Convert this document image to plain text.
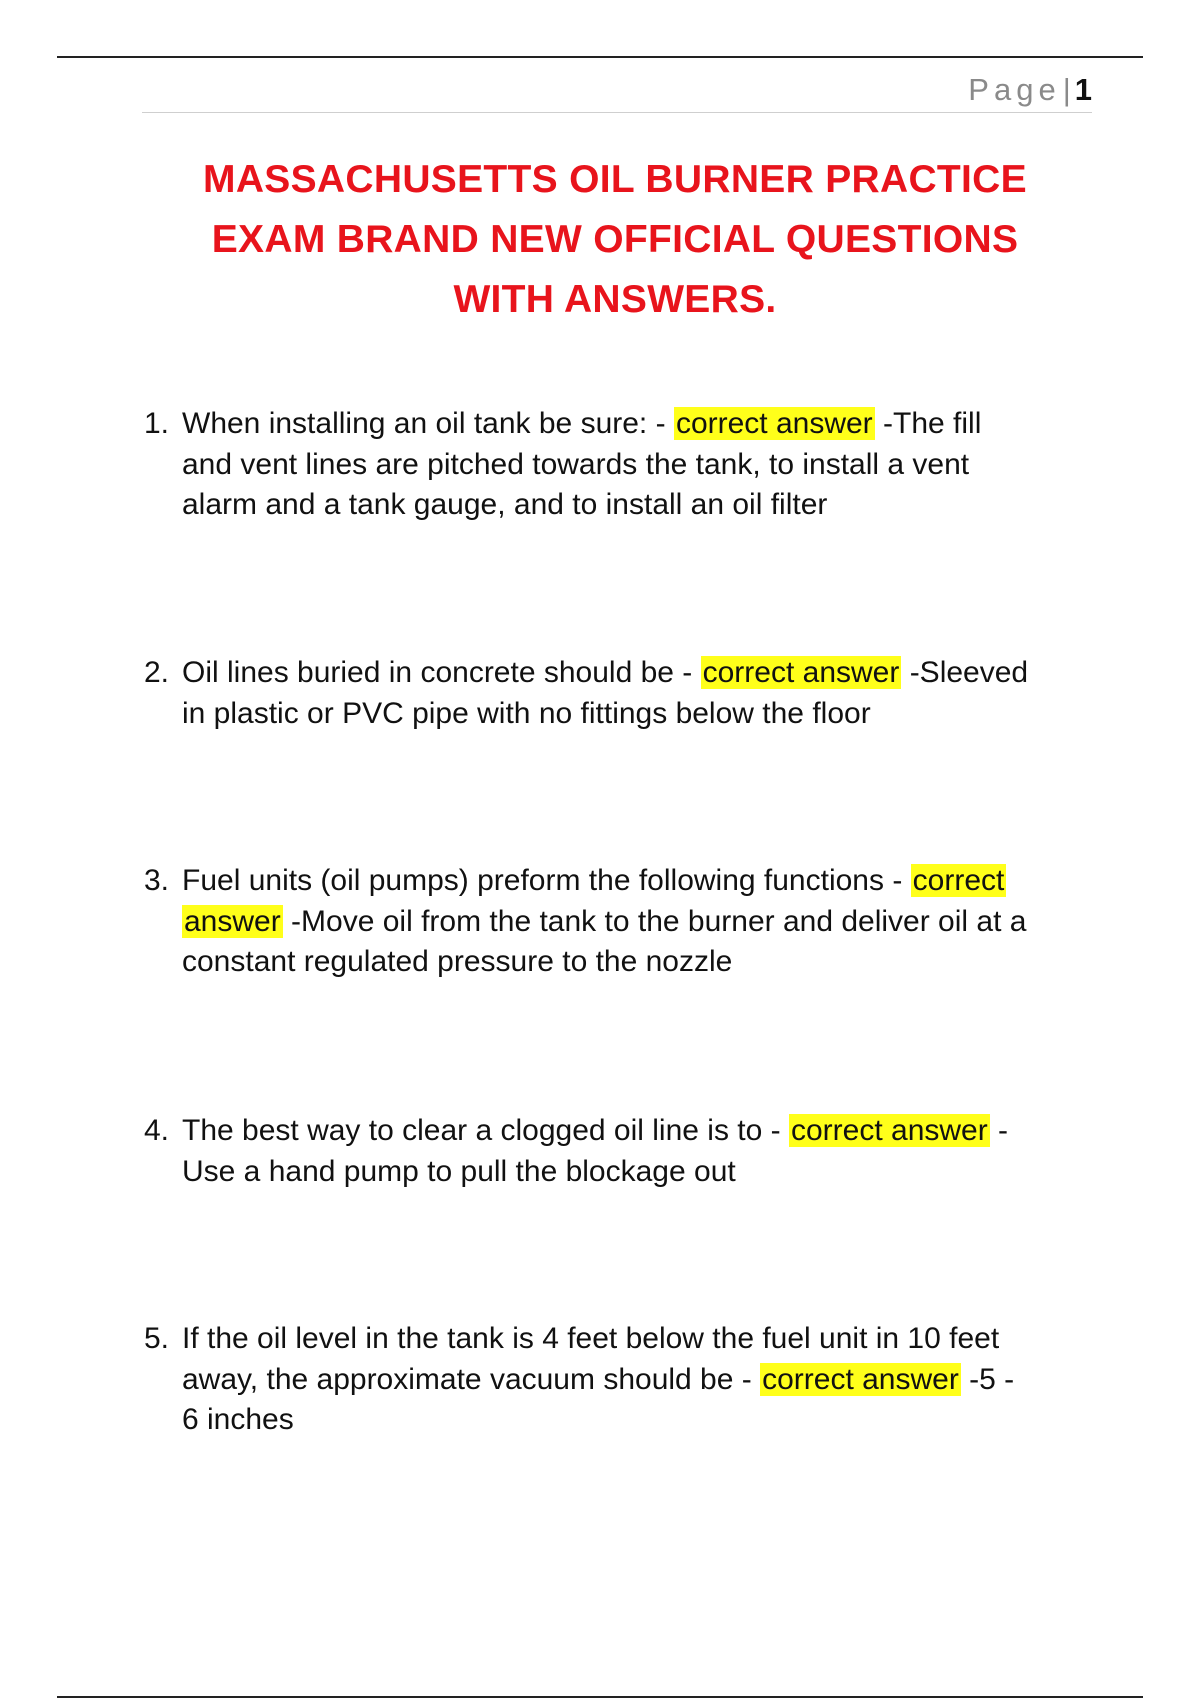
Page| 1
MASSACHUSETTS OIL BURNER PRACTICE
EXAM BRAND NEW OFFICIAL QUESTIONS
WITH ANSWERS.
1. When installing an oil tank be sure: - correct answer -The fill
and vent lines are pitched towards the tank, to install a vent
alarm and a tank gauge, and to install an oil filter
2. Oil lines buried in concrete should be - correct answer -Sleeved
in plastic or PVC pipe with no fittings below the floor
3. Fuel units (oil pumps) preform the following functions - correct
answer -Move oil from the tank to the burner and deliver oil at a
constant regulated pressure to the nozzle
4. The best way to clear a clogged oil line is to - correct answer -
Use a hand pump to pull the blockage out
5. If the oil level in the tank is 4 feet below the fuel unit in 10 feet
away, the approximate vacuum should be - correct answer -5 -
6 inches
